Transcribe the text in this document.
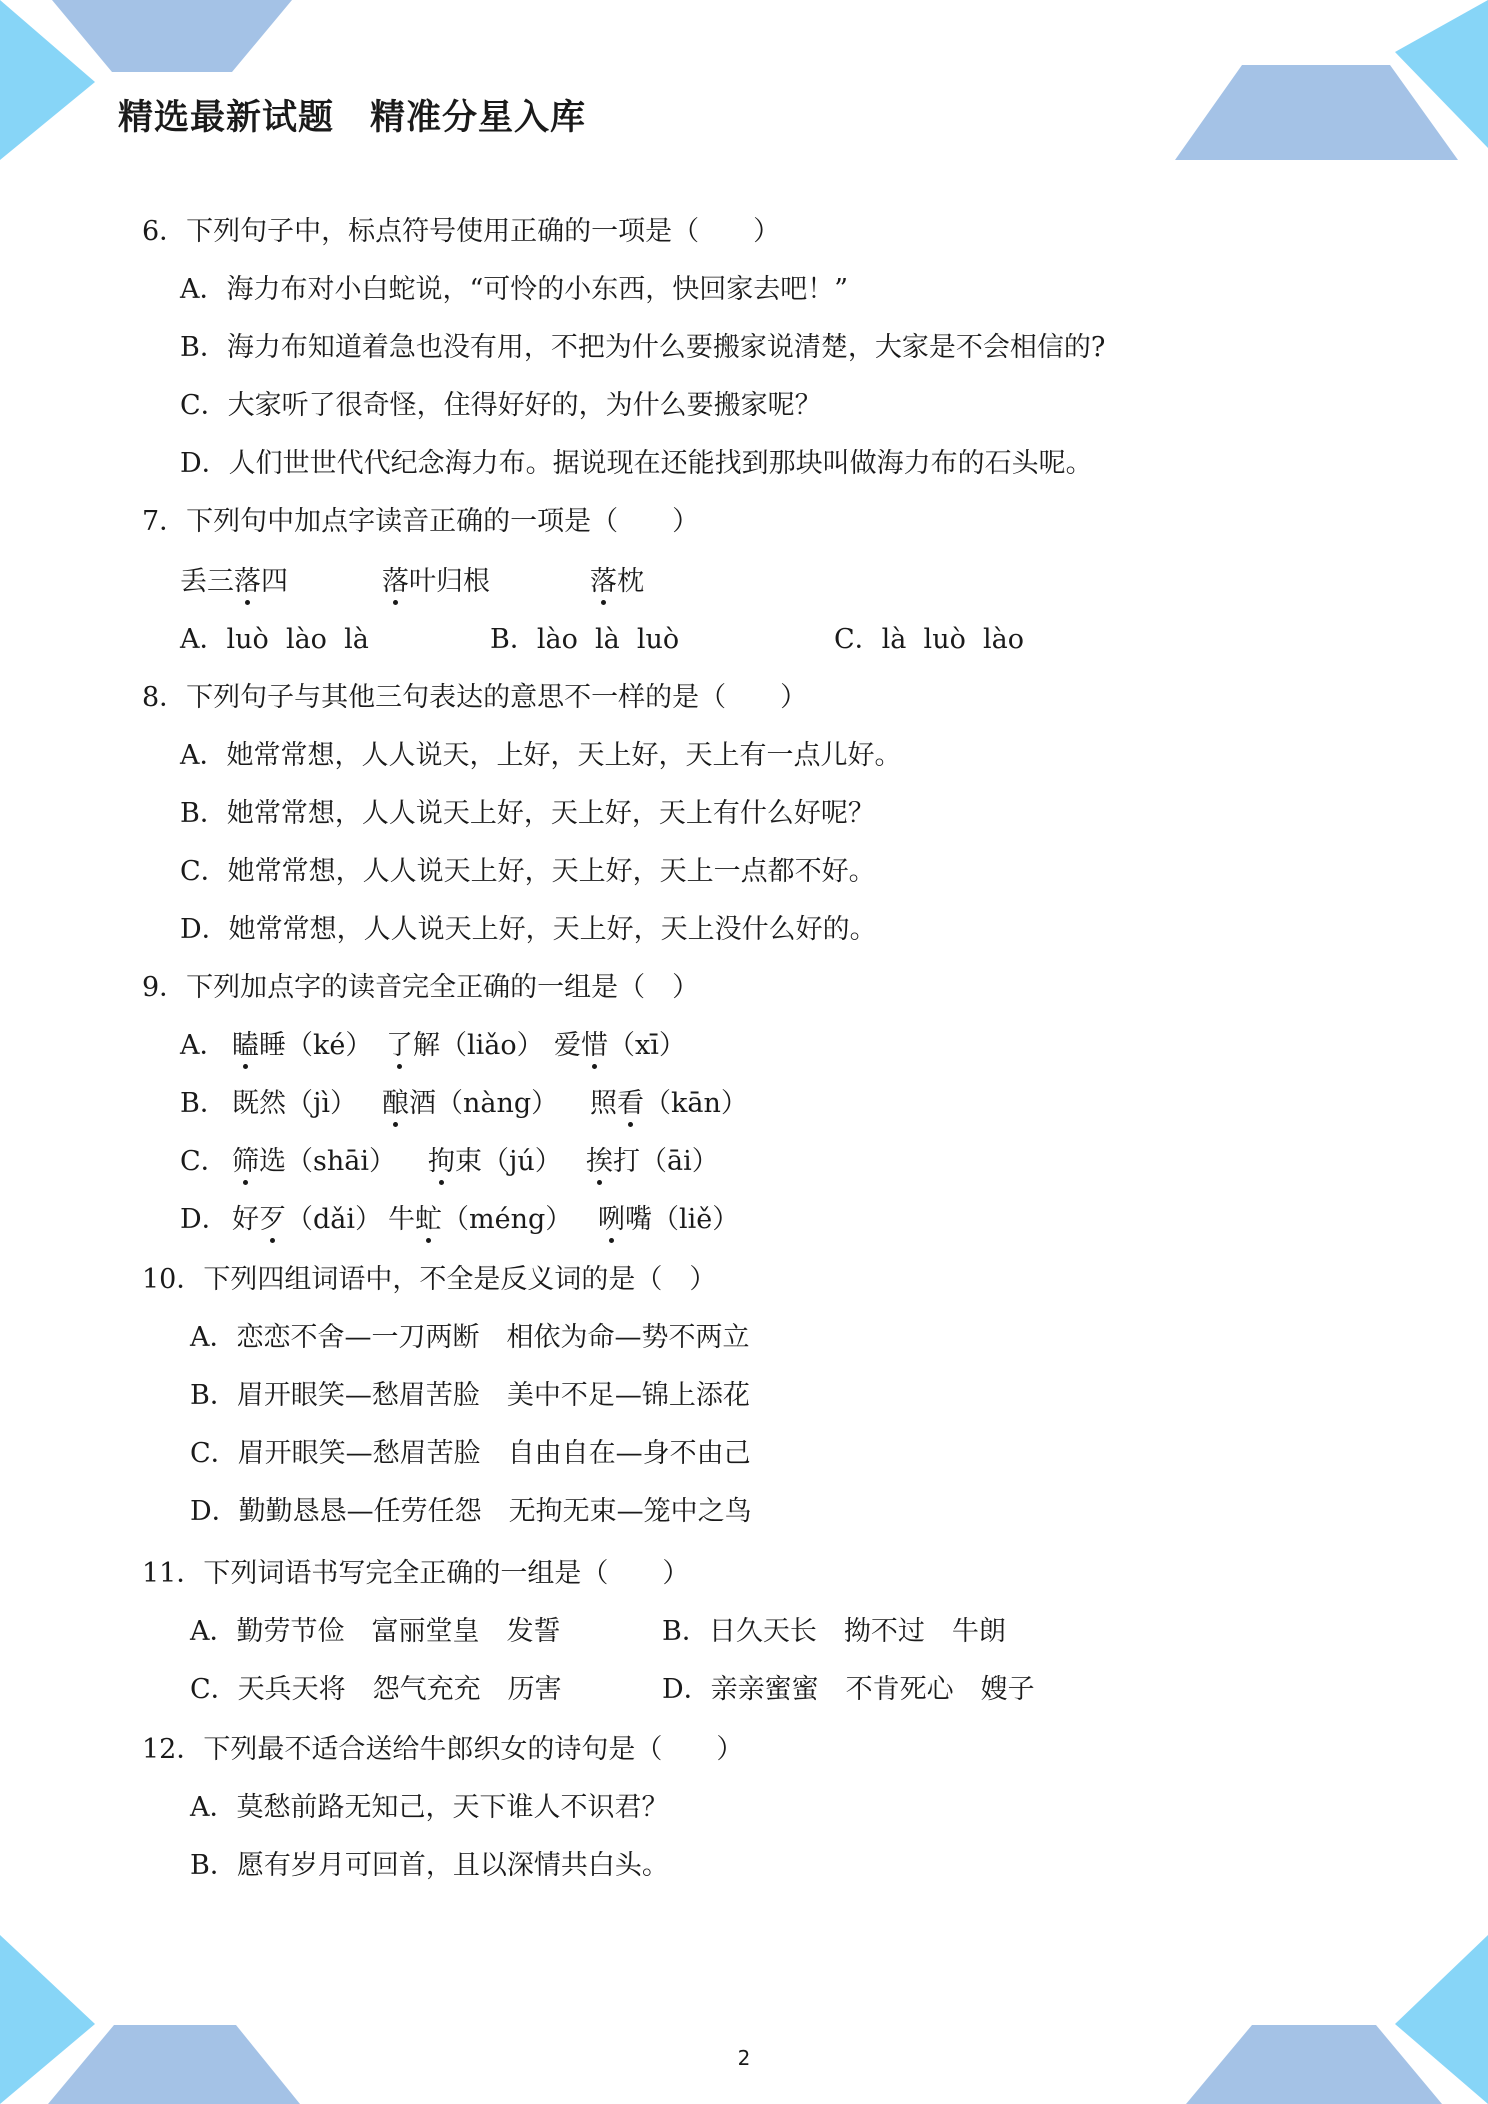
精选最新试题　精准分星入库
6．下列句子中，标点符号使用正确的一项是（　　）
A．海力布对小白蛇说，“可怜的小东西，快回家去吧！”
B．海力布知道着急也没有用，不把为什么要搬家说清楚，大家是不会相信的?
C．大家听了很奇怪，住得好好的，为什么要搬家呢？
D．人们世世代代纪念海力布。据说现在还能找到那块叫做海力布的石头呢。
7．下列句中加点字读音正确的一项是（　　）
丢三落四	落叶归根	落枕
A．luò  lào  là	B．lào  là  luò	C．là  luò  lào
8．下列句子与其他三句表达的意思不一样的是（　　）
A．她常常想，人人说天，上好，天上好，天上有一点儿好。
B．她常常想，人人说天上好，天上好，天上有什么好呢？
C．她常常想，人人说天上好，天上好，天上一点都不好。
D．她常常想，人人说天上好，天上好，天上没什么好的。
9．下列加点字的读音完全正确的一组是（　）
A． 瞌睡（ké） 了解（liǎo） 爱惜（xī）
B． 既然（jì） 酿酒（nàng） 照看（kān）
C． 筛选（shāi） 拘束（jú） 挨打（āi）
D． 好歹（dǎi） 牛虻（méng） 咧嘴（liě）
10．下列四组词语中，不全是反义词的是（　）
A．恋恋不舍—一刀两断　相依为命—势不两立
B．眉开眼笑—愁眉苦脸　美中不足—锦上添花
C．眉开眼笑—愁眉苦脸　自由自在—身不由己
D．勤勤恳恳—任劳任怨　无拘无束—笼中之鸟
11．下列词语书写完全正确的一组是（　　）
A．勤劳节俭　富丽堂皇　发誓	B．日久天长　拗不过　牛朗
C．天兵天将　怨气充充　历害	D．亲亲蜜蜜　不肯死心　嫂子
12．下列最不适合送给牛郎织女的诗句是（　　）
A．莫愁前路无知己，天下谁人不识君？
B．愿有岁月可回首，且以深情共白头。
2
